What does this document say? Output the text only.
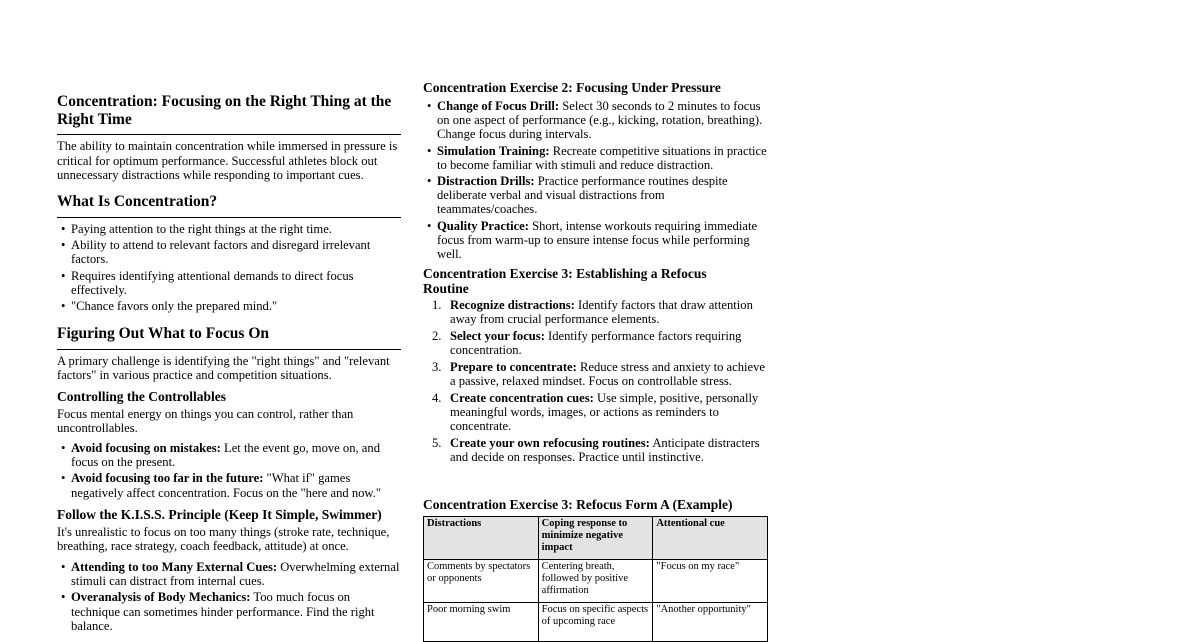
Concentration: Focusing on the Right Thing at the Right Time

The ability to maintain concentration while immersed in pressure is critical for optimum performance. Successful athletes block out unnecessary distractions while responding to important cues.

What Is Concentration?
• Paying attention to the right things at the right time.
• Ability to attend to relevant factors and disregard irrelevant factors.
• Requires identifying attentional demands to direct focus effectively.
• "Chance favors only the prepared mind."
Figuring Out What to Focus On

A primary challenge is identifying the "right things" and "relevant factors" in various practice and competition situations.

Controlling the Controllables

Focus mental energy on things you can control, rather than uncontrollables.

• Avoid focusing on mistakes: Let the event go, move on, and focus on the present.
• Avoid focusing too far in the future: "What if" games negatively affect concentration. Focus on the "here and now."
Follow the K.I.S.S. Principle (Keep It Simple, Swimmer)

It's unrealistic to focus on too many things (stroke rate, technique, breathing, race strategy, coach feedback, attitude) at once.

• Attending to too Many External Cues: Overwhelming external stimuli can distract from internal cues.
• Overanalysis of Body Mechanics: Too much focus on technique can sometimes hinder performance. Find the right balance.
Concentration Exercise 2: Focusing Under Pressure
• Change of Focus Drill: Select 30 seconds to 2 minutes to focus on one aspect of performance (e.g., kicking, rotation, breathing). Change focus during intervals.
• Simulation Training: Recreate competitive situations in practice to become familiar with stimuli and reduce distraction.
• Distraction Drills: Practice performance routines despite deliberate verbal and visual distractions from teammates/coaches.
• Quality Practice: Short, intense workouts requiring immediate focus from warm-up to ensure intense focus while performing well.
Concentration Exercise 3: Establishing a Refocus Routine
1. Recognize distractions: Identify factors that draw attention away from crucial performance elements.
2. Select your focus: Identify performance factors requiring concentration.
3. Prepare to concentrate: Reduce stress and anxiety to achieve a passive, relaxed mindset. Focus on controllable stress.
4. Create concentration cues: Use simple, positive, personally meaningful words, images, or actions as reminders to concentrate.
5. Create your own refocusing routines: Anticipate distracters and decide on responses. Practice until instinctive.
Concentration Exercise 3: Refocus Form A (Example)
Distractions	Coping response to minimize negative impact	Attentional cue
Comments by spectators or opponents	Centering breath, followed by positive affirmation	"Focus on my race"
Poor morning swim	Focus on specific aspects of upcoming race	"Another opportunity"
